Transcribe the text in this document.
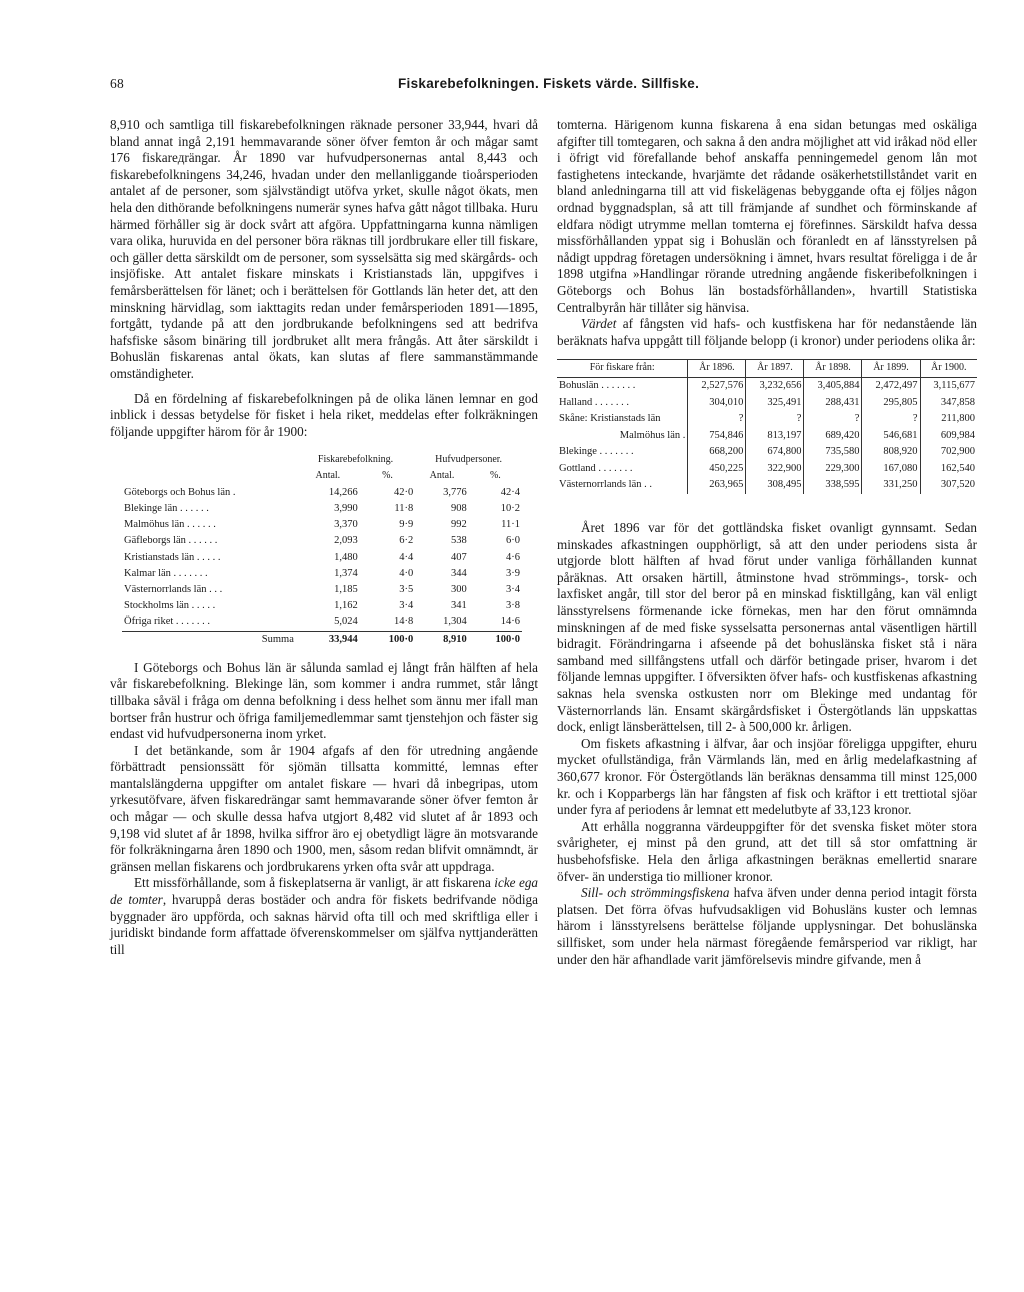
68	Fiskarebefolkningen. Fiskets värde. Sillfiske.

8,910 och samtliga till fiskarebefolkningen räknade personer 33,944, hvari då bland annat ingå 2,191 hemmavarande söner öfver femton år och mågar samt 176 fiskarедrängar. År 1890 var hufvudpersonernas antal 8,443 och fiskarebefolkningens 34,246, hvadan under den mellanliggande tioårsperioden antalet af de personer, som självständigt utöfva yrket, skulle något ökats, men hela den dithörande befolkningens numerär synes hafva gått något tillbaka. Huru härmed förhåller sig är dock svårt att afgöra. Uppfattningarna kunna nämligen vara olika, huruvida en del personer böra räknas till jordbrukare eller till fiskare, och gäller detta särskildt om de personer, som sysselsätta sig med skärgårds- och insjöfiske. Att antalet fiskare minskats i Kristianstads län, uppgifves i femårsberättelsen för länet; och i berättelsen för Gottlands län heter det, att den minskning härvidlag, som iakttagits redan under femårsperioden 1891—1895, fortgått, tydande på att den jordbrukande befolkningens sed att bedrifva hafsfiske såsom binäring till jordbruket allt mera frångås. Att åter särskildt i Bohuslän fiskarenas antal ökats, kan slutas af flere sammanstämmande omständigheter.

Då en fördelning af fiskarebefolkningen på de olika länen lemnar en god inblick i dessas betydelse för fisket i hela riket, meddelas efter folkräkningen följande uppgifter härom för år 1900:

	Fiskarebefolkning.		Hufvudpersoner.	
	Antal.	%.	Antal.	%.
Göteborgs och Bohus län .	14,266	42·0	3,776	42·4
Blekinge län . . . . . .	3,990	11·8	908	10·2
Malmöhus län . . . . . .	3,370	9·9	992	11·1
Gäfleborgs län . . . . . .	2,093	6·2	538	6·0
Kristianstads län . . . . .	1,480	4·4	407	4·6
Kalmar län . . . . . . .	1,374	4·0	344	3·9
Västernorrlands län . . .	1,185	3·5	300	3·4
Stockholms län . . . . .	1,162	3·4	341	3·8
Öfriga riket . . . . . . .	5,024	14·8	1,304	14·6
Summa	33,944	100·0	8,910	100·0

I Göteborgs och Bohus län är sålunda samlad ej långt från hälften af hela vår fiskarebefolkning. Blekinge län, som kommer i andra rummet, står långt tillbaka såväl i fråga om denna befolkning i dess helhet som ännu mer ifall man bortser från hustrur och öfriga familjemedlemmar samt tjenstehjon och fäster sig endast vid hufvudpersonerna inom yrket.

I det betänkande, som år 1904 afgafs af den för utredning angående förbättradt pensionssätt för sjömän tillsatta kommitté, lemnas efter mantalslängderna uppgifter om antalet fiskare — hvari då inbegripas, utom yrkesutöfvare, äfven fiskaredrängar samt hemmavarande söner öfver femton år och mågar — och skulle dessa hafva utgjort 8,482 vid slutet af år 1893 och 9,198 vid slutet af år 1898, hvilka siffror äro ej obetydligt lägre än motsvarande för folkräkningarna åren 1890 och 1900, men, såsom redan blifvit omnämndt, är gränsen mellan fiskarens och jordbrukarens yrken ofta svår att uppdraga.

Ett missförhållande, som å fiskeplatserna är vanligt, är att fiskarena icke ega de tomter, hvaruppå deras bostäder och andra för fiskets bedrifvande nödiga byggnader äro uppförda, och saknas härvid ofta till och med skriftliga eller i juridiskt bindande form affattade öfverenskommelser om själfva nyttjanderätten till

tomterna. Härigenom kunna fiskarena å ena sidan betungas med oskäliga afgifter till tomtegaren, och sakna å den andra möjlighet att vid iråkad nöd eller i öfrigt vid förefallande behof anskaffa penningemedel genom lån mot fastighetens inteckande, hvarjämte det rådande osäkerhetstillståndet varit en bland anledningarna till att vid fiskelägenas bebyggande ofta ej följes någon ordnad byggnadsplan, så att till främjande af sundhet och förminskande af eldfara nödigt utrymme mellan tomterna ej förefinnes. Särskildt hafva dessa missförhållanden yppat sig i Bohuslän och föranledt en af länsstyrelsen på nådigt uppdrag företagen undersökning i ämnet, hvars resultat föreligga i de år 1898 utgifna »Handlingar rörande utredning angående fiskeribefolkningen i Göteborgs och Bohus län bostadsförhållanden», hvartill Statistiska Centralbyrån här tillåter sig hänvisa.

Värdet af fångsten vid hafs- och kustfiskena har för nedanstående län beräknats hafva uppgått till följande belopp (i kronor) under periodens olika år:

För fiskare från:	År 1896.	År 1897.	År 1898.	År 1899.	År 1900.
Bohuslän . . . . . . .	2,527,576	3,232,656	3,405,884	2,472,497	3,115,677
Halland . . . . . . .	304,010	325,491	288,431	295,805	347,858
Skåne: Kristianstads län	?	?	?	?	211,800
Malmöhus län .	754,846	813,197	689,420	546,681	609,984
Blekinge . . . . . . .	668,200	674,800	735,580	808,920	702,900
Gottland . . . . . . .	450,225	322,900	229,300	167,080	162,540
Västernorrlands län . .	263,965	308,495	338,595	331,250	307,520

Året 1896 var för det gottländska fisket ovanligt gynnsamt. Sedan minskades afkastningen oupphörligt, så att den under periodens sista år utgjorde blott hälften af hvad förut under vanliga förhållanden kunnat påräknas. Att orsaken härtill, åtminstone hvad strömmings-, torsk- och laxfisket angår, till stor del beror på en minskad fisktillgång, kan väl enligt länsstyrelsens förmenande icke förnekas, men har den förut omnämnda minskningen af de med fiske sysselsatta personernas antal väsentligen härtill bidragit. Förändringarna i afseende på det bohuslänska fisket stå i nära samband med sillfångstens utfall och därför betingade priser, hvarom i det följande lemnas uppgifter. I öfversikten öfver hafs- och kustfiskenas afkastning saknas hela svenska ostkusten norr om Blekinge med undantag för Västernorrlands län. Ensamt skärgårdsfisket i Östergötlands län uppskattas dock, enligt länsberättelsen, till 2- à 500,000 kr. årligen.

Om fiskets afkastning i älfvar, åar och insjöar föreligga uppgifter, ehuru mycket ofullständiga, från Värmlands län, med en årlig medelafkastning af 360,677 kronor. För Östergötlands län beräknas densamma till minst 125,000 kr. och i Kopparbergs län har fångsten af fisk och kräftor i ett trettiotal sjöar under fyra af periodens år lemnat ett medelutbyte af 33,123 kronor.

Att erhålla noggranna värdeuppgifter för det svenska fisket möter stora svårigheter, ej minst på den grund, att det till så stor omfattning är husbehofsfiske. Hela den årliga afkastningen beräknas emellertid snarare öfver- än understiga tio millioner kronor.

Sill- och strömmingsfiskena hafva äfven under denna period intagit första platsen. Det förra öfvas hufvudsakligen vid Bohusläns kuster och lemnas härom i länsstyrelsens berättelse följande upplysningar. Det bohuslänska sillfisket, som under hela närmast föregående femårsperiod var rikligt, har under den här afhandlade varit jämförelsevis mindre gifvande, men å
